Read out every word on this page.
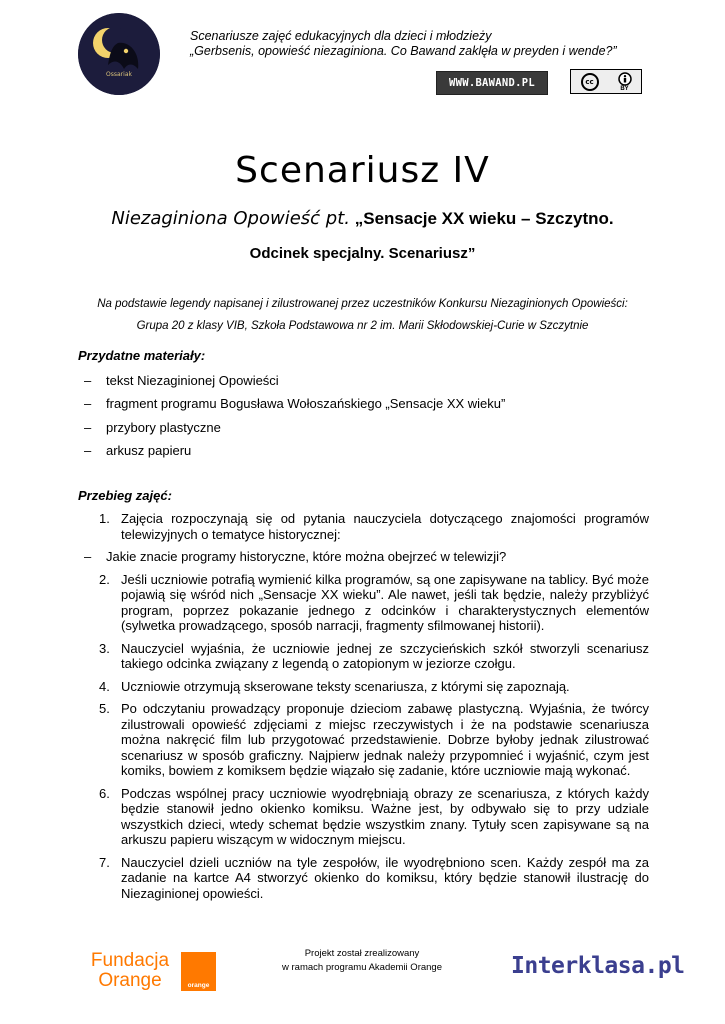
Ossariak
Scenariusze zajęć edukacyjnych dla dzieci i młodzieży
„Gerbsenis, opowieść niezaginiona. Co Bawand zaklęła w preyden i wende?”
WWW.BAWAND.PL	cc
BY
Scenariusz IV
Niezaginiona Opowieść pt. „Sensacje XX wieku – Szczytno.
Odcinek specjalny. Scenariusz”
Na podstawie legendy napisanej i zilustrowanej przez uczestników Konkursu Niezaginionych Opowieści:
Grupa 20 z klasy VIB, Szkoła Podstawowa nr 2 im. Marii Skłodowskiej-Curie w Szczytnie
Przydatne materiały:
–	tekst Niezaginionej Opowieści
–	fragment programu Bogusława Wołoszańskiego „Sensacje XX wieku”
–	przybory plastyczne
–	arkusz papieru
Przebieg zajęć:
1. Zajęcia rozpoczynają się od pytania nauczyciela dotyczącego znajomości programów telewizyjnych o tematyce historycznej:
–	Jakie znacie programy historyczne, które można obejrzeć w telewizji?
2. Jeśli uczniowie potrafią wymienić kilka programów, są one zapisywane na tablicy. Być może pojawią się wśród nich „Sensacje XX wieku”. Ale nawet, jeśli tak będzie, należy przybliżyć program, poprzez pokazanie jednego z odcinków i charakterystycznych elementów (sylwetka prowadzącego, sposób narracji, fragmenty sfilmowanej historii).
3. Nauczyciel wyjaśnia, że uczniowie jednej ze szczycieńskich szkół stworzyli scenariusz takiego odcinka związany z legendą o zatopionym w jeziorze czołgu.
4. Uczniowie otrzymują skserowane teksty scenariusza, z którymi się zapoznają.
5. Po odczytaniu prowadzący proponuje dzieciom zabawę plastyczną. Wyjaśnia, że twórcy zilustrowali opowieść zdjęciami z miejsc rzeczywistych i że na podstawie scenariusza można nakręcić film lub przygotować przedstawienie. Dobrze byłoby jednak zilustrować scenariusz w sposób graficzny. Najpierw jednak należy przypomnieć i wyjaśnić, czym jest komiks, bowiem z komiksem będzie wiązało się zadanie, które uczniowie mają wykonać.
6. Podczas wspólnej pracy uczniowie wyodrębniają obrazy ze scenariusza, z których każdy będzie stanowił jedno okienko komiksu. Ważne jest, by odbywało się to przy udziale wszystkich dzieci, wtedy schemat będzie wszystkim znany. Tytuły scen zapisywane są na arkuszu papieru wiszącym w widocznym miejscu.
7. Nauczyciel dzieli uczniów na tyle zespołów, ile wyodrębniono scen. Każdy zespół ma za zadanie na kartce A4 stworzyć okienko do komiksu, który będzie stanowił ilustrację do Niezaginionej opowieści.
Fundacja
Orange	orange
Projekt został zrealizowany
w ramach programu Akademii Orange	Interklasa.pl
